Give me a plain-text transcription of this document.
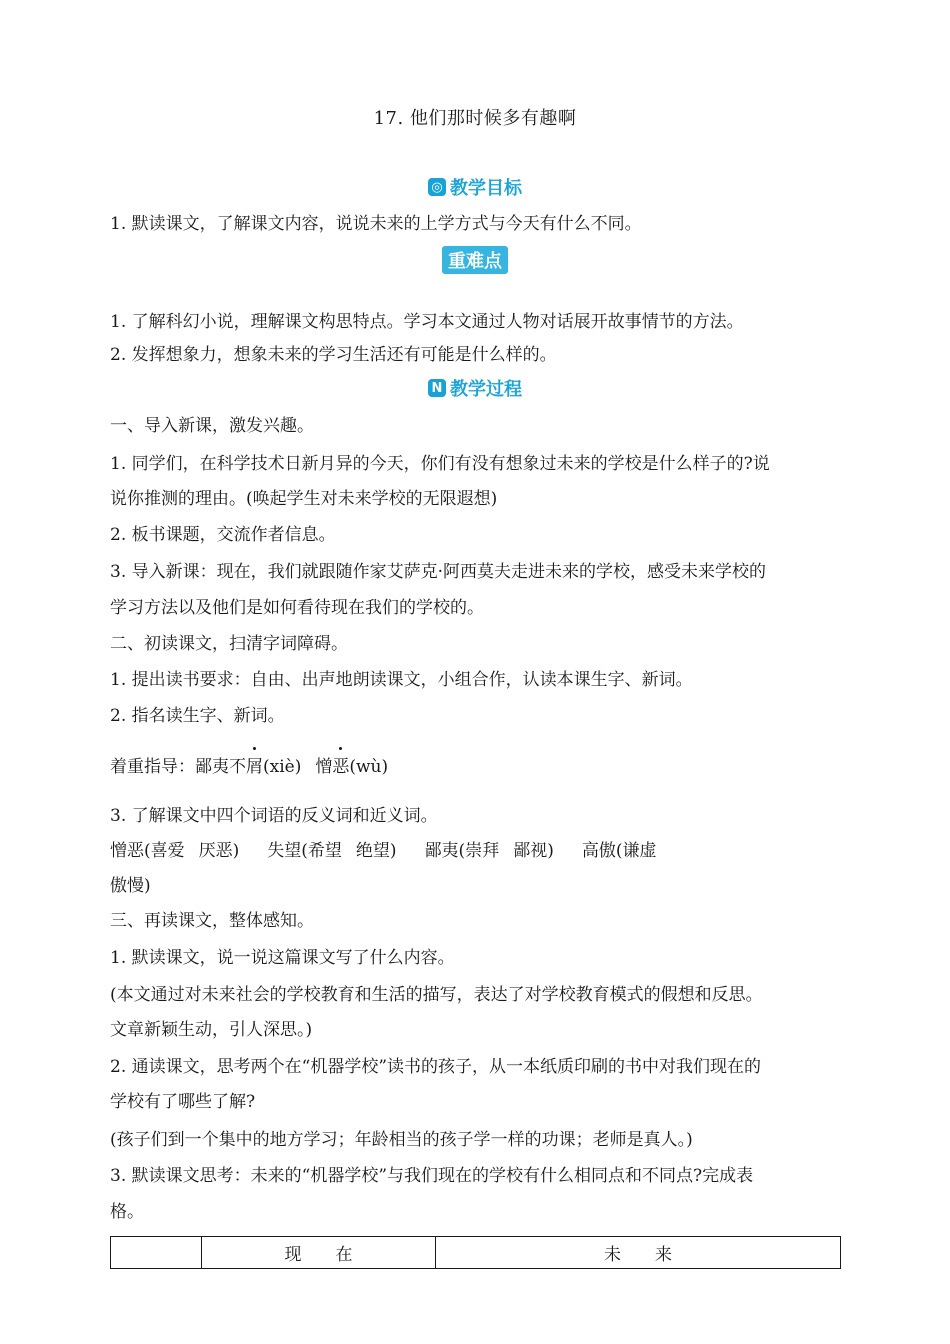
17. 他们那时候多有趣啊
◎ 教学目标
1. 默读课文，了解课文内容，说说未来的上学方式与今天有什么不同。
重难点
1. 了解科幻小说，理解课文构思特点。学习本文通过人物对话展开故事情节的方法。
2. 发挥想象力，想象未来的学习生活还有可能是什么样的。
N 教学过程
一、导入新课，激发兴趣。
1. 同学们，在科学技术日新月异的今天，你们有没有想象过未来的学校是什么样子的?说
说你推测的理由。(唤起学生对未来学校的无限遐想)
2. 板书课题，交流作者信息。
3. 导入新课：现在，我们就跟随作家艾萨克·阿西莫夫走进未来的学校，感受未来学校的
学习方法以及他们是如何看待现在我们的学校的。
二、初读课文，扫清字词障碍。
1. 提出读书要求：自由、出声地朗读课文，小组合作，认读本课生字、新词。
2. 指名读生字、新词。
着重指导：鄙夷不屑(xiè) 憎恶(wù)
3. 了解课文中四个词语的反义词和近义词。
憎恶(喜爱 厌恶) 失望(希望 绝望) 鄙夷(崇拜 鄙视) 高傲(谦虚
傲慢)
三、再读课文，整体感知。
1. 默读课文，说一说这篇课文写了什么内容。
(本文通过对未来社会的学校教育和生活的描写，表达了对学校教育模式的假想和反思。
文章新颖生动，引人深思。)
2. 通读课文，思考两个在“机器学校”读书的孩子，从一本纸质印刷的书中对我们现在的
学校有了哪些了解?
(孩子们到一个集中的地方学习；年龄相当的孩子学一样的功课；老师是真人。)
3. 默读课文思考：未来的“机器学校”与我们现在的学校有什么相同点和不同点?完成表
格。
	现　　在	未　　来
